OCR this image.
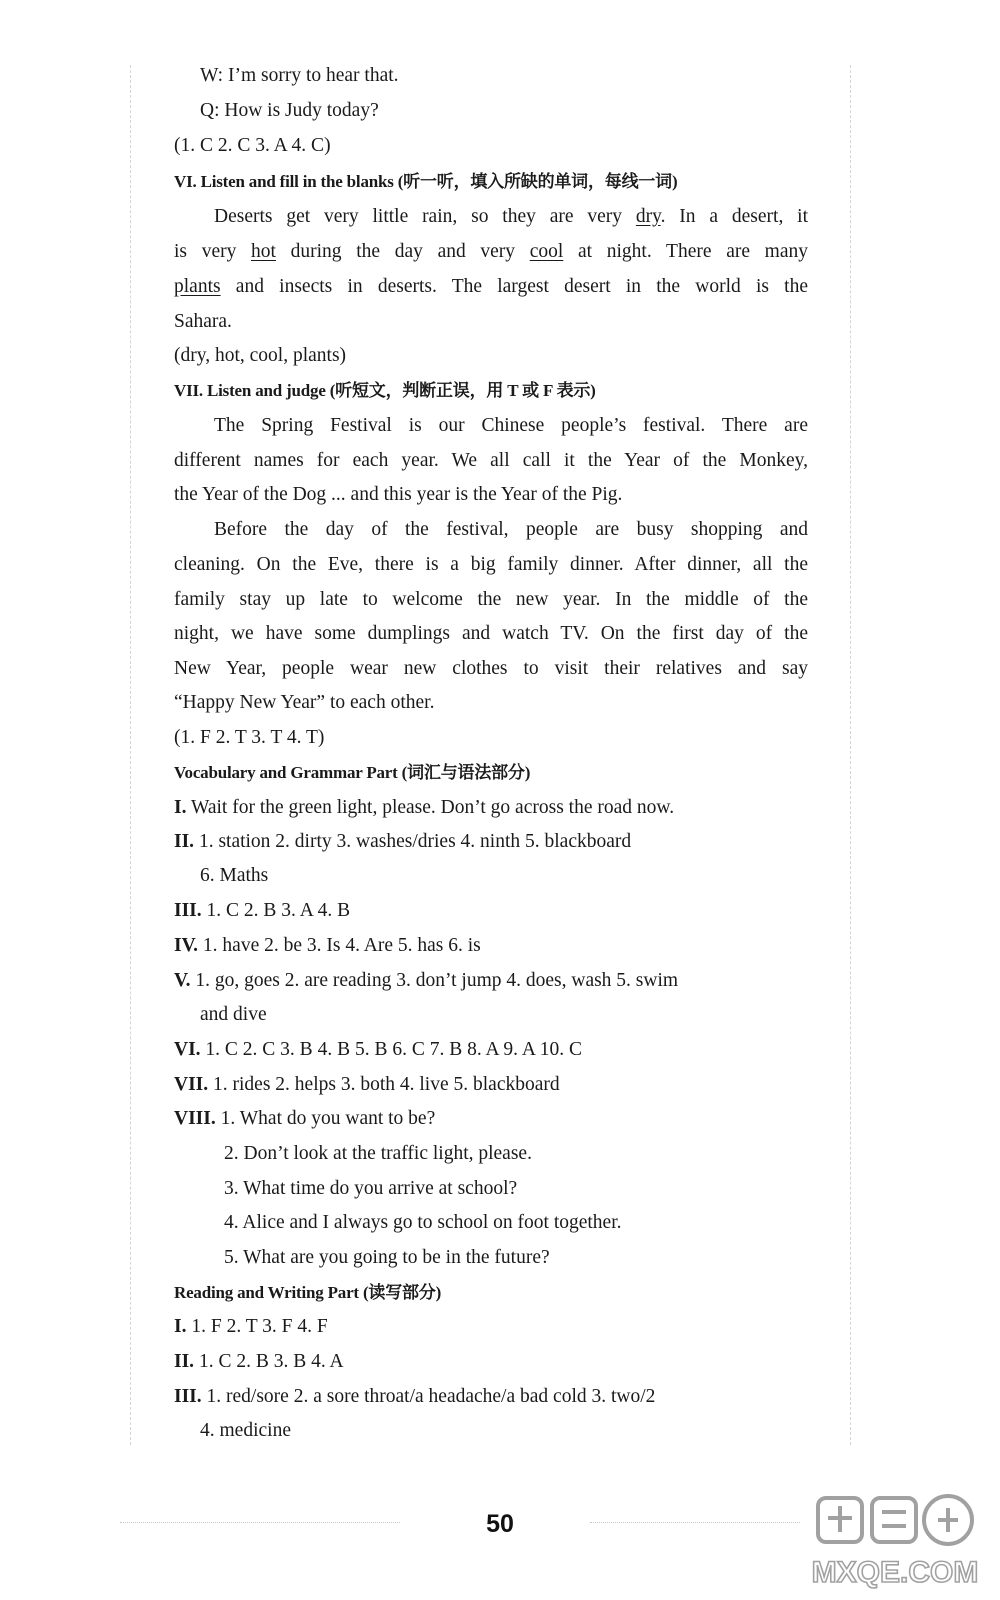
W: I’m sorry to hear that.
Q: How is Judy today?
(1. C 2. C 3. A 4. C)
VI. Listen and fill in the blanks (听一听，填入所缺的单词，每线一词)
Deserts get very little rain, so they are very dry. In a desert, it
is very hot during the day and very cool at night. There are many
plants and insects in deserts. The largest desert in the world is the
Sahara.
(dry, hot, cool, plants)
VII. Listen and judge (听短文，判断正误，用 T 或 F 表示)
The Spring Festival is our Chinese people’s festival. There are
different names for each year. We all call it the Year of the Monkey,
the Year of the Dog ... and this year is the Year of the Pig.
Before the day of the festival, people are busy shopping and
cleaning. On the Eve, there is a big family dinner. After dinner, all the
family stay up late to welcome the new year. In the middle of the
night, we have some dumplings and watch TV. On the first day of the
New Year, people wear new clothes to visit their relatives and say
“Happy New Year” to each other.
(1. F 2. T 3. T 4. T)
Vocabulary and Grammar Part (词汇与语法部分)
I. Wait for the green light, please. Don’t go across the road now.
II. 1. station 2. dirty 3. washes/dries 4. ninth 5. blackboard
6. Maths
III. 1. C 2. B 3. A 4. B
IV. 1. have 2. be 3. Is 4. Are 5. has 6. is
V. 1. go, goes 2. are reading 3. don’t jump 4. does, wash 5. swim
and dive
VI. 1. C 2. C 3. B 4. B 5. B 6. C 7. B 8. A 9. A 10. C
VII. 1. rides 2. helps 3. both 4. live 5. blackboard
VIII. 1. What do you want to be?
2. Don’t look at the traffic light, please.
3. What time do you arrive at school?
4. Alice and I always go to school on foot together.
5. What are you going to be in the future?
Reading and Writing Part (读写部分)
I. 1. F 2. T 3. F 4. F
II. 1. C 2. B 3. B 4. A
III. 1. red/sore 2. a sore throat/a headache/a bad cold 3. two/2
4. medicine
50
MXQE.COM
